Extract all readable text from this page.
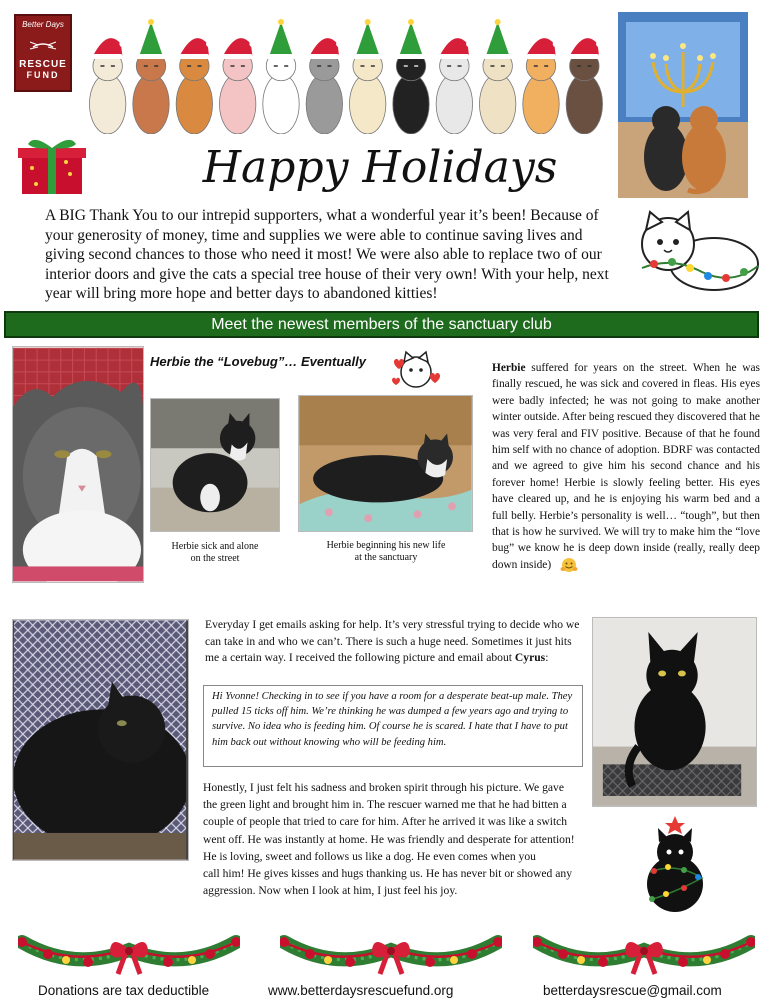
Better Days
RESCUE
FUND
Happy Holidays
A BIG Thank You to our intrepid supporters, what a wonderful year it’s been! Because of your generosity of money, time and supplies we were able to continue saving lives and giving second chances to those who need it most! We were also able to replace two of our interior doors and give the cats a special tree house of their very own! With your help, next year will bring more hope and better days to abandoned kitties!
Meet the newest members of the sanctuary club
Herbie the “Lovebug”… Eventually
Herbie sick and alone
on the street
Herbie beginning his new life
at the sanctuary
Herbie suffered for years on the street. When he was finally rescued, he was sick and covered in fleas. His eyes were badly infected; he was not going to make another winter outside. After being rescued they discovered that he was very feral and FIV positive. Because of that he found him self with no chance of adoption. BDRF was contacted and we agreed to give him his second chance and his forever home! Herbie is slowly feeling better. His eyes have cleared up, and he is enjoying his warm bed and a full belly. Herbie’s personality is well… “tough”, but then that is how he survived. We will try to make him the “love bug” we know he is deep down inside (really, really deep down inside)
Everyday I get emails asking for help. It’s very stressful trying to decide who we can take in and who we can’t. There is such a huge need. Sometimes it just hits me a certain way. I received the following picture and email about Cyrus:
Hi Yvonne! Checking in to see if you have a room for a desperate beat-up male. They pulled 15 ticks off him. We’re thinking he was dumped a few years ago and trying to survive. No idea who is feeding him. Of course he is scared. I hate that I have to put him back out without knowing who will be feeding him.
Honestly, I just felt his sadness and broken spirit through his picture. We gave the green light and brought him in. The rescuer warned me that he had bitten a couple of people that tried to care for him. After he arrived it was like a switch went off. He was instantly at home. He was friendly and desperate for attention! He is loving, sweet and follows us like a dog. He even comes when you
call him! He gives kisses and hugs thanking us. He has never bit or showed any aggression. Now when I look at him, I just feel his joy.
Donations are tax deductible	www.betterdaysrescuefund.org	betterdaysrescue@gmail.com
